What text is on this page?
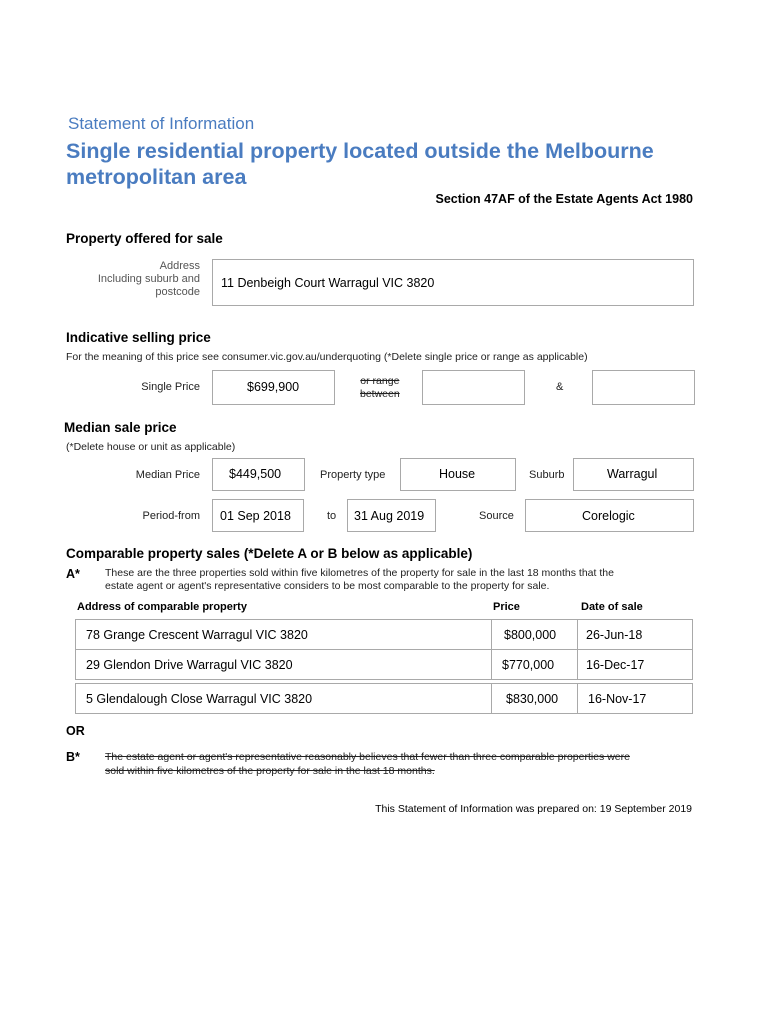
Statement of Information
Single residential property located outside the Melbourne
metropolitan area
Section 47AF of the Estate Agents Act 1980
Property offered for sale
Address
Including suburb and
postcode
11 Denbeigh Court Warragul VIC 3820
Indicative selling price
For the meaning of this price see consumer.vic.gov.au/underquoting (*Delete single price or range as applicable)
Single Price	$699,900	or range
between
&
Median sale price
(*Delete house or unit as applicable)
Median Price $449,500	Property type	House	Suburb	Warragul
Period-from 01 Sep 2018	to 31 Aug 2019	Source	Corelogic
Comparable property sales (*Delete A or B below as applicable)
A* These are the three properties sold within five kilometres of the property for sale in the last 18 months that the
estate agent or agent's representative considers to be most comparable to the property for sale.
Address of comparable property	Price	Date of sale
78 Grange Crescent Warragul VIC 3820	$800,000 26-Jun-18
29 Glendon Drive Warragul VIC 3820	$770,000	16-Dec-17
5 Glendalough Close Warragul VIC 3820	$830,000 16-Nov-17
OR
B* The estate agent or agent's representative reasonably believes that fewer than three comparable properties were
sold within five kilometres of the property for sale in the last 18 months.
This Statement of Information was prepared on: 19 September 2019
